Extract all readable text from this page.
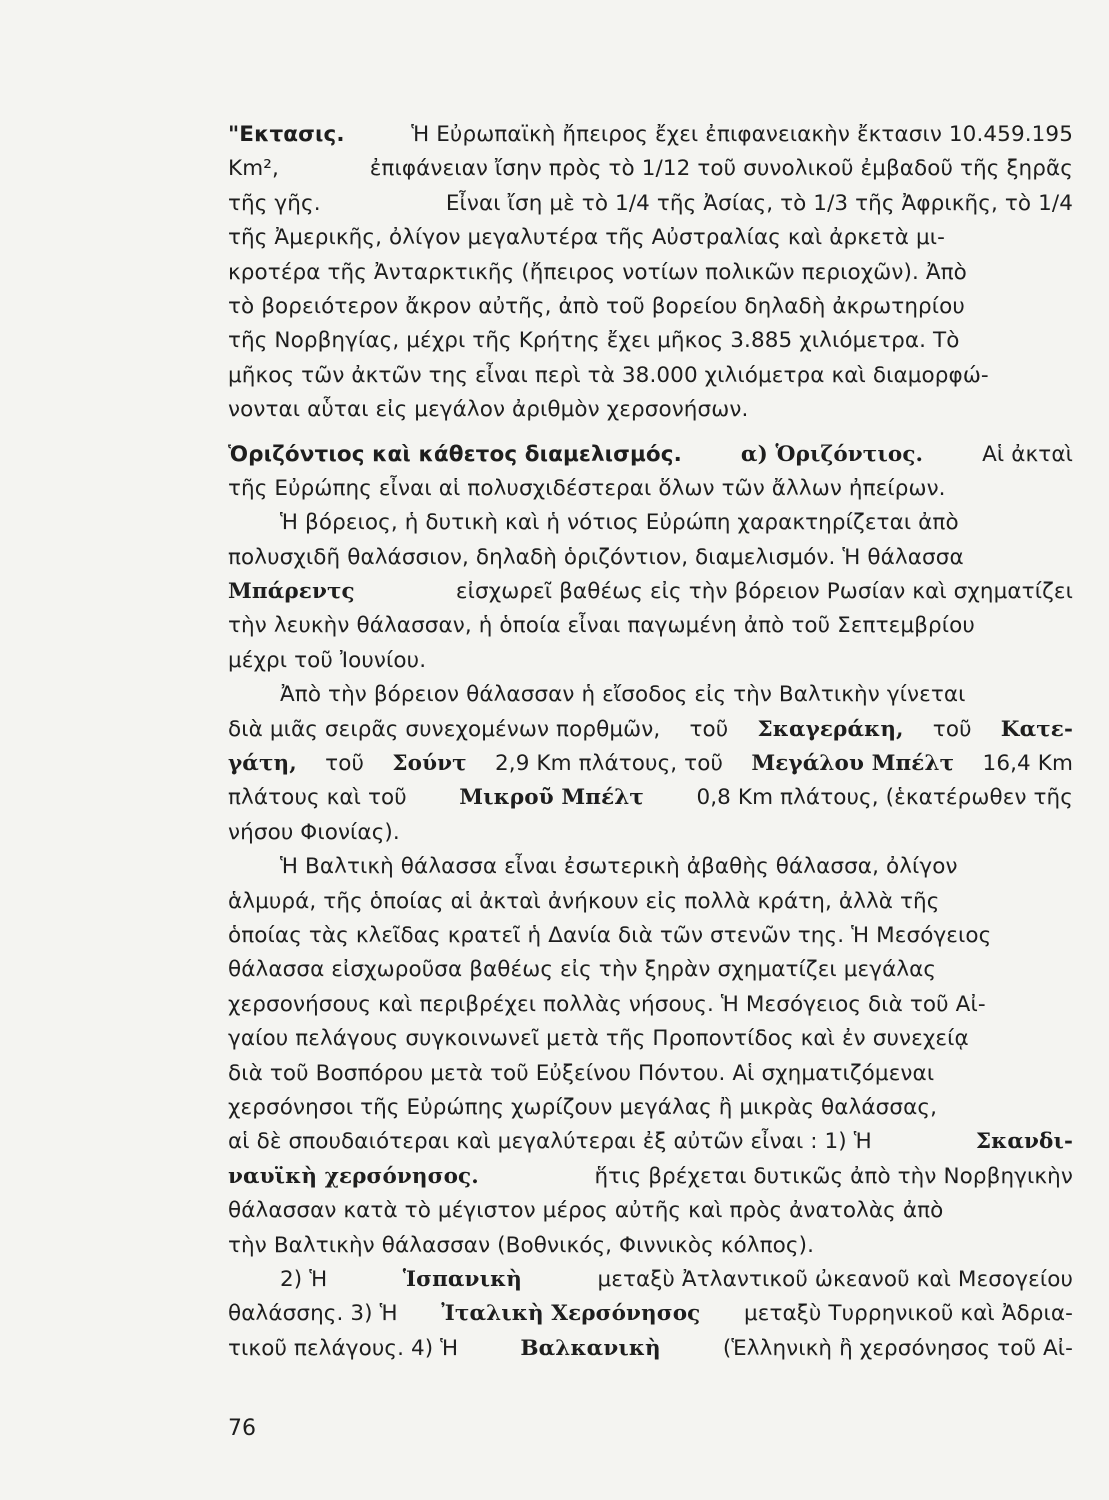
"Εκτασις.	Ἡ Εὐρωπαϊκὴ ἤπειρος ἔχει ἐπιφανειακὴν ἔκτασιν 10.459.195
Km²,	ἐπιφάνειαν ἴσην πρὸς τὸ 1/12 τοῦ συνολικοῦ ἐμβαδοῦ τῆς ξηρᾶς
τῆς γῆς.	Εἶναι ἴση μὲ τὸ 1/4 τῆς Ἀσίας, τὸ 1/3 τῆς Ἀφρικῆς, τὸ 1/4
τῆς Ἀμερικῆς, ὀλίγον μεγαλυτέρα τῆς Αὐστραλίας καὶ ἀρκετὰ μι-
κροτέρα τῆς Ἀνταρκτικῆς (ἤπειρος νοτίων πολικῶν περιοχῶν). Ἀπὸ
τὸ βορειότερον ἄκρον αὐτῆς, ἀπὸ τοῦ βορείου δηλαδὴ ἀκρωτηρίου
τῆς Νορβηγίας, μέχρι τῆς Κρήτης ἔχει μῆκος 3.885 χιλιόμετρα. Τὸ
μῆκος τῶν ἀκτῶν της εἶναι περὶ τὰ 38.000 χιλιόμετρα καὶ διαμορφώ-
νονται αὗται εἰς μεγάλον ἀριθμὸν χερσονήσων.
Ὁριζόντιος καὶ κάθετος διαμελισμός.	α) Ὁριζόντιος.	Αἱ ἀκταὶ
τῆς Εὐρώπης εἶναι αἱ πολυσχιδέστεραι ὅλων τῶν ἄλλων ἠπείρων.
Ἡ βόρειος, ἡ δυτικὴ καὶ ἡ νότιος Εὐρώπη χαρακτηρίζεται ἀπὸ
πολυσχιδῆ θαλάσσιον, δηλαδὴ ὁριζόντιον, διαμελισμόν. Ἡ θάλασσα
Μπάρεντς	εἰσχωρεῖ βαθέως εἰς τὴν βόρειον Ρωσίαν καὶ σχηματίζει
τὴν λευκὴν θάλασσαν, ἡ ὁποία εἶναι παγωμένη ἀπὸ τοῦ Σεπτεμβρίου
μέχρι τοῦ Ἰουνίου.
Ἀπὸ τὴν βόρειον θάλασσαν ἡ εἴσοδος εἰς τὴν Βαλτικὴν γίνεται
διὰ μιᾶς σειρᾶς συνεχομένων πορθμῶν, τοῦ Σκαγεράκη, τοῦ Κατε-
γάτη, τοῦ Σούντ 2,9 Km πλάτους, τοῦ Μεγάλου Μπέλτ 16,4 Km
πλάτους καὶ τοῦ Μικροῦ Μπέλτ 0,8 Km πλάτους, (ἑκατέρωθεν τῆς
νήσου Φιονίας).
Ἡ Βαλτικὴ θάλασσα εἶναι ἐσωτερικὴ ἀβαθὴς θάλασσα, ὀλίγον
ἁλμυρά, τῆς ὁποίας αἱ ἀκταὶ ἀνήκουν εἰς πολλὰ κράτη, ἀλλὰ τῆς
ὁποίας τὰς κλεῖδας κρατεῖ ἡ Δανία διὰ τῶν στενῶν της. Ἡ Μεσόγειος
θάλασσα εἰσχωροῦσα βαθέως εἰς τὴν ξηρὰν σχηματίζει μεγάλας
χερσονήσους καὶ περιβρέχει πολλὰς νήσους. Ἡ Μεσόγειος διὰ τοῦ Αἰ-
γαίου πελάγους συγκοινωνεῖ μετὰ τῆς Προποντίδος καὶ ἐν συνεχείᾳ
διὰ τοῦ Βοσπόρου μετὰ τοῦ Εὐξείνου Πόντου. Αἱ σχηματιζόμεναι
χερσόνησοι τῆς Εὐρώπης χωρίζουν μεγάλας ἢ μικρὰς θαλάσσας,
αἱ δὲ σπουδαιότεραι καὶ μεγαλύτεραι ἐξ αὐτῶν εἶναι : 1) Ἡ	Σκανδι-
ναυϊκὴ χερσόνησος.	ἥτις βρέχεται δυτικῶς ἀπὸ τὴν Νορβηγικὴν
θάλασσαν κατὰ τὸ μέγιστον μέρος αὐτῆς καὶ πρὸς ἀνατολὰς ἀπὸ
τὴν Βαλτικὴν θάλασσαν (Βοθνικός, Φιννικὸς κόλπος).
2) Ἡ	Ἱσπανικὴ	μεταξὺ Ἀτλαντικοῦ ὠκεανοῦ καὶ Μεσογείου
θαλάσσης. 3) Ἡ Ἰταλικὴ Χερσόνησος μεταξὺ Τυρρηνικοῦ καὶ Ἀδρια-
τικοῦ πελάγους. 4) Ἡ	Βαλκανικὴ	(Ἑλληνικὴ ἢ χερσόνησος τοῦ Αἰ-
76
